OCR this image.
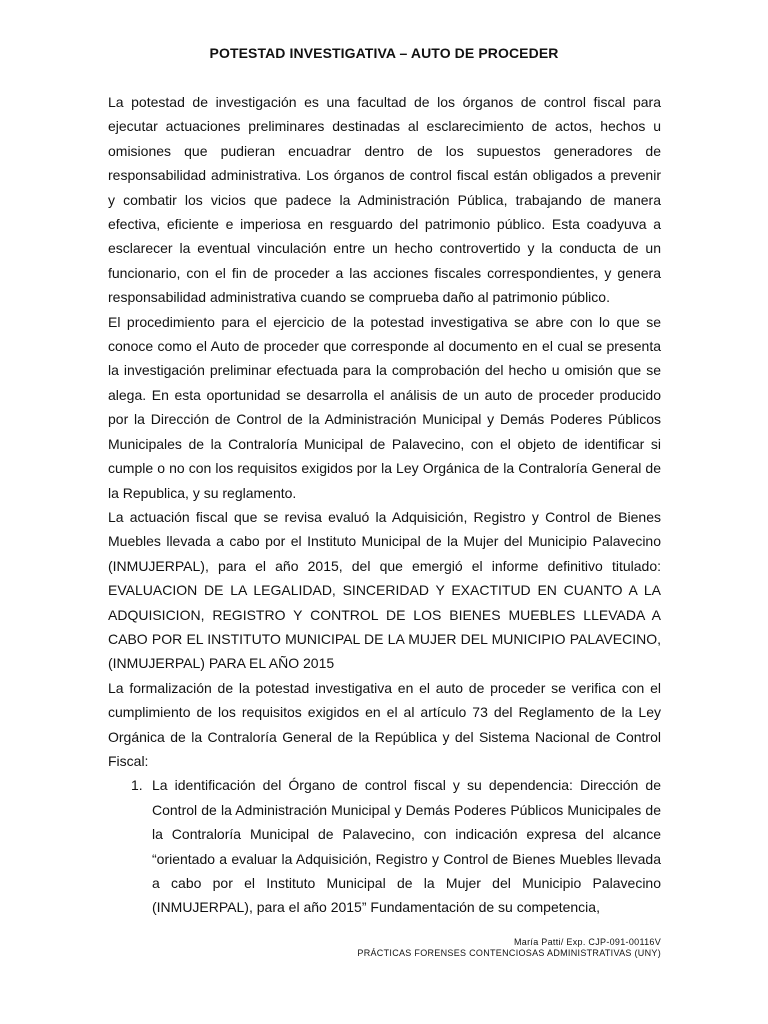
POTESTAD INVESTIGATIVA – AUTO DE PROCEDER

La potestad de investigación es una facultad de los órganos de control fiscal para ejecutar actuaciones preliminares destinadas al esclarecimiento de actos, hechos u omisiones que pudieran encuadrar dentro de los supuestos generadores de responsabilidad administrativa. Los órganos de control fiscal están obligados a prevenir y combatir los vicios que padece la Administración Pública, trabajando de manera efectiva, eficiente e imperiosa en resguardo del patrimonio público. Esta coadyuva a esclarecer la eventual vinculación entre un hecho controvertido y la conducta de un funcionario, con el fin de proceder a las acciones fiscales correspondientes, y genera responsabilidad administrativa cuando se comprueba daño al patrimonio público.

El procedimiento para el ejercicio de la potestad investigativa se abre con lo que se conoce como el Auto de proceder que corresponde al documento en el cual se presenta la investigación preliminar efectuada para la comprobación del hecho u omisión que se alega. En esta oportunidad se desarrolla el análisis de un auto de proceder producido por la Dirección de Control de la Administración Municipal y Demás Poderes Públicos Municipales de la Contraloría Municipal de Palavecino, con el objeto de identificar si cumple o no con los requisitos exigidos por la Ley Orgánica de la Contraloría General de la Republica, y su reglamento.

La actuación fiscal que se revisa evaluó la Adquisición, Registro y Control de Bienes Muebles llevada a cabo por el Instituto Municipal de la Mujer del Municipio Palavecino (INMUJERPAL), para el año 2015, del que emergió el informe definitivo titulado: EVALUACION DE LA LEGALIDAD, SINCERIDAD Y EXACTITUD EN CUANTO A LA ADQUISICION, REGISTRO Y CONTROL DE LOS BIENES MUEBLES LLEVADA A CABO POR EL INSTITUTO MUNICIPAL DE LA MUJER DEL MUNICIPIO PALAVECINO, (INMUJERPAL) PARA EL AÑO 2015

La formalización de la potestad investigativa en el auto de proceder se verifica con el cumplimiento de los requisitos exigidos en el al artículo 73 del Reglamento de la Ley Orgánica de la Contraloría General de la República y del Sistema Nacional de Control Fiscal:

1. La identificación del Órgano de control fiscal y su dependencia: Dirección de Control de la Administración Municipal y Demás Poderes Públicos Municipales de la Contraloría Municipal de Palavecino, con indicación expresa del alcance “orientado a evaluar la Adquisición, Registro y Control de Bienes Muebles llevada a cabo por el Instituto Municipal de la Mujer del Municipio Palavecino (INMUJERPAL), para el año 2015” Fundamentación de su competencia,
María Patti/ Exp. CJP-091-00116V
PRÁCTICAS FORENSES CONTENCIOSAS ADMINISTRATIVAS (UNY)
